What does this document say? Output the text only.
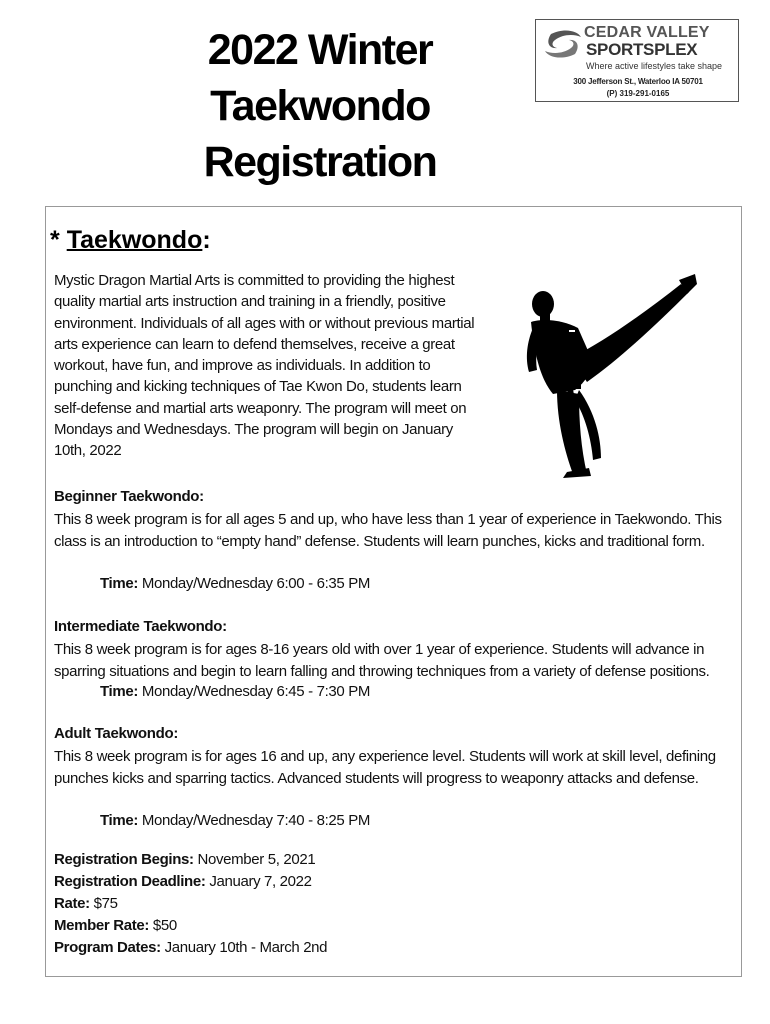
2022 Winter
Taekwondo
Registration
CEDAR VALLEY
SPORTSPLEX
Where active lifestyles take shape
300 Jefferson St., Waterloo IA 50701
(P) 319-291-0165
* Taekwondo:
Mystic Dragon Martial Arts is committed to providing the highest quality martial arts instruction and training in a friendly, positive environment. Individuals of all ages with or without previous martial arts experience can learn to defend themselves, receive a great workout, have fun, and improve as individuals. In addition to punching and kicking techniques of Tae Kwon Do, students learn self-defense and martial arts weaponry. The program will meet on Mondays and Wednesdays. The program will begin on January 10th, 2022
Beginner Taekwondo:
This 8 week program is for all ages 5 and up, who have less than 1 year of experience in Taekwondo. This class is an introduction to “empty hand” defense. Students will learn punches, kicks and traditional form.
Time: Monday/Wednesday 6:00 - 6:35 PM
Intermediate Taekwondo:
This 8 week program is for ages 8-16 years old with over 1 year of experience. Students will advance in sparring situations and begin to learn falling and throwing techniques from a variety of defense positions.
Time: Monday/Wednesday 6:45 - 7:30 PM
Adult Taekwondo:
This 8 week program is for ages 16 and up, any experience level. Students will work at skill level, defining punches kicks and sparring tactics. Advanced students will progress to weaponry attacks and defense.
Time: Monday/Wednesday 7:40 - 8:25 PM
Registration Begins: November 5, 2021
Registration Deadline: January 7, 2022
Rate: $75
Member Rate: $50
Program Dates: January 10th - March 2nd
